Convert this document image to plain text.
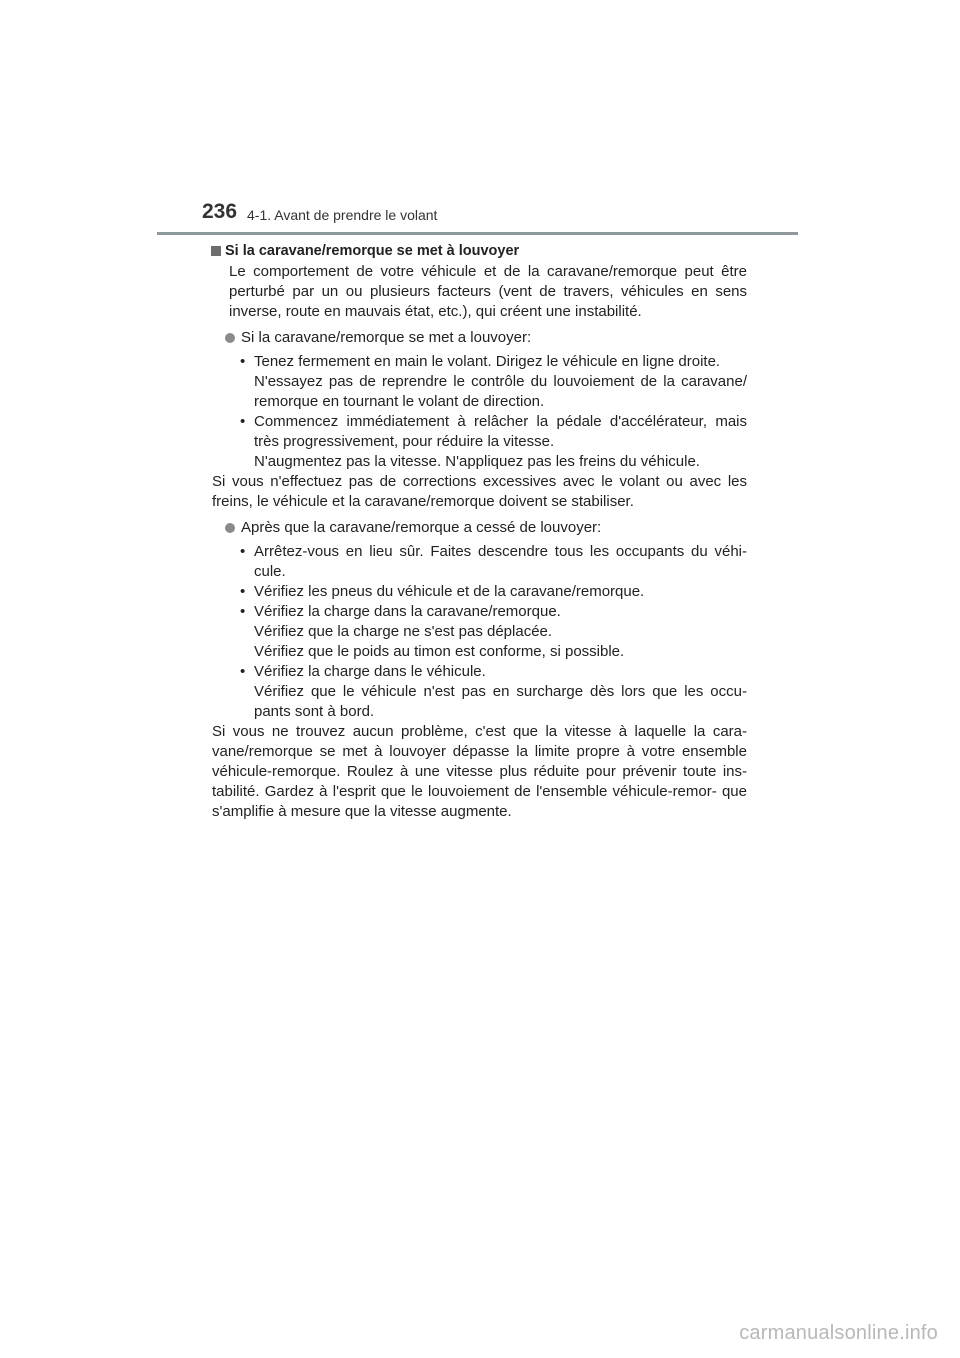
236 4-1. Avant de prendre le volant
Si la caravane/remorque se met à louvoyer

Le comportement de votre véhicule et de la caravane/remorque peut être perturbé par un ou plusieurs facteurs (vent de travers, véhicules en sens inverse, route en mauvais état, etc.), qui créent une instabilité.

Si la caravane/remorque se met a louvoyer:
• Tenez fermement en main le volant. Dirigez le véhicule en ligne droite.
N'essayez pas de reprendre le contrôle du louvoiement de la caravane/ remorque en tournant le volant de direction.
• Commencez immédiatement à relâcher la pédale d'accélérateur, mais très progressivement, pour réduire la vitesse.
N'augmentez pas la vitesse. N'appliquez pas les freins du véhicule.

Si vous n'effectuez pas de corrections excessives avec le volant ou avec les freins, le véhicule et la caravane/remorque doivent se stabiliser.

Après que la caravane/remorque a cessé de louvoyer:
• Arrêtez-vous en lieu sûr. Faites descendre tous les occupants du véhi- cule.
• Vérifiez les pneus du véhicule et de la caravane/remorque.
• Vérifiez la charge dans la caravane/remorque.
Vérifiez que la charge ne s'est pas déplacée.
Vérifiez que le poids au timon est conforme, si possible.
• Vérifiez la charge dans le véhicule.
Vérifiez que le véhicule n'est pas en surcharge dès lors que les occu- pants sont à bord.

Si vous ne trouvez aucun problème, c'est que la vitesse à laquelle la cara- vane/remorque se met à louvoyer dépasse la limite propre à votre ensemble véhicule-remorque. Roulez à une vitesse plus réduite pour prévenir toute ins- tabilité. Gardez à l'esprit que le louvoiement de l'ensemble véhicule-remor- que s'amplifie à mesure que la vitesse augmente.

carmanualsonline.info
